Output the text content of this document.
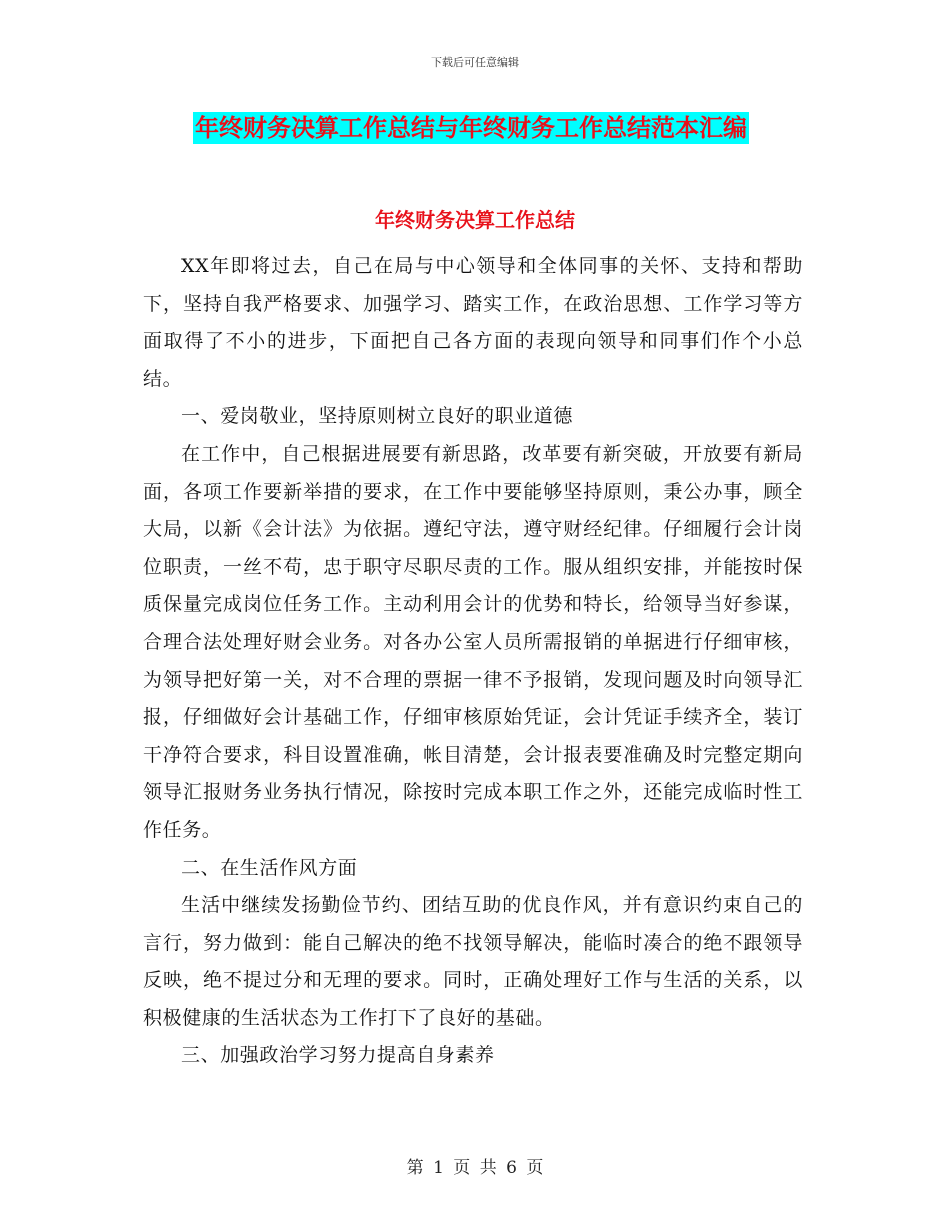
下载后可任意编辑
年终财务决算工作总结与年终财务工作总结范本汇编
年终财务决算工作总结

XX年即将过去，自己在局与中心领导和全体同事的关怀、支持和帮助下，坚持自我严格要求、加强学习、踏实工作，在政治思想、工作学习等方面取得了不小的进步，下面把自己各方面的表现向领导和同事们作个小总结。

一、爱岗敬业，坚持原则树立良好的职业道德

在工作中，自己根据进展要有新思路，改革要有新突破，开放要有新局面，各项工作要新举措的要求，在工作中要能够坚持原则，秉公办事，顾全大局，以新《会计法》为依据。遵纪守法，遵守财经纪律。仔细履行会计岗位职责，一丝不苟，忠于职守尽职尽责的工作。服从组织安排，并能按时保质保量完成岗位任务工作。主动利用会计的优势和特长，给领导当好参谋，合理合法处理好财会业务。对各办公室人员所需报销的单据进行仔细审核，为领导把好第一关，对不合理的票据一律不予报销，发现问题及时向领导汇报，仔细做好会计基础工作，仔细审核原始凭证，会计凭证手续齐全，装订干净符合要求，科目设置准确，帐目清楚，会计报表要准确及时完整定期向领导汇报财务业务执行情况，除按时完成本职工作之外，还能完成临时性工作任务。

二、在生活作风方面

生活中继续发扬勤俭节约、团结互助的优良作风，并有意识约束自己的言行，努力做到：能自己解决的绝不找领导解决，能临时凑合的绝不跟领导反映，绝不提过分和无理的要求。同时，正确处理好工作与生活的关系，以积极健康的生活状态为工作打下了良好的基础。

三、加强政治学习努力提高自身素养

第 1 页 共 6 页
